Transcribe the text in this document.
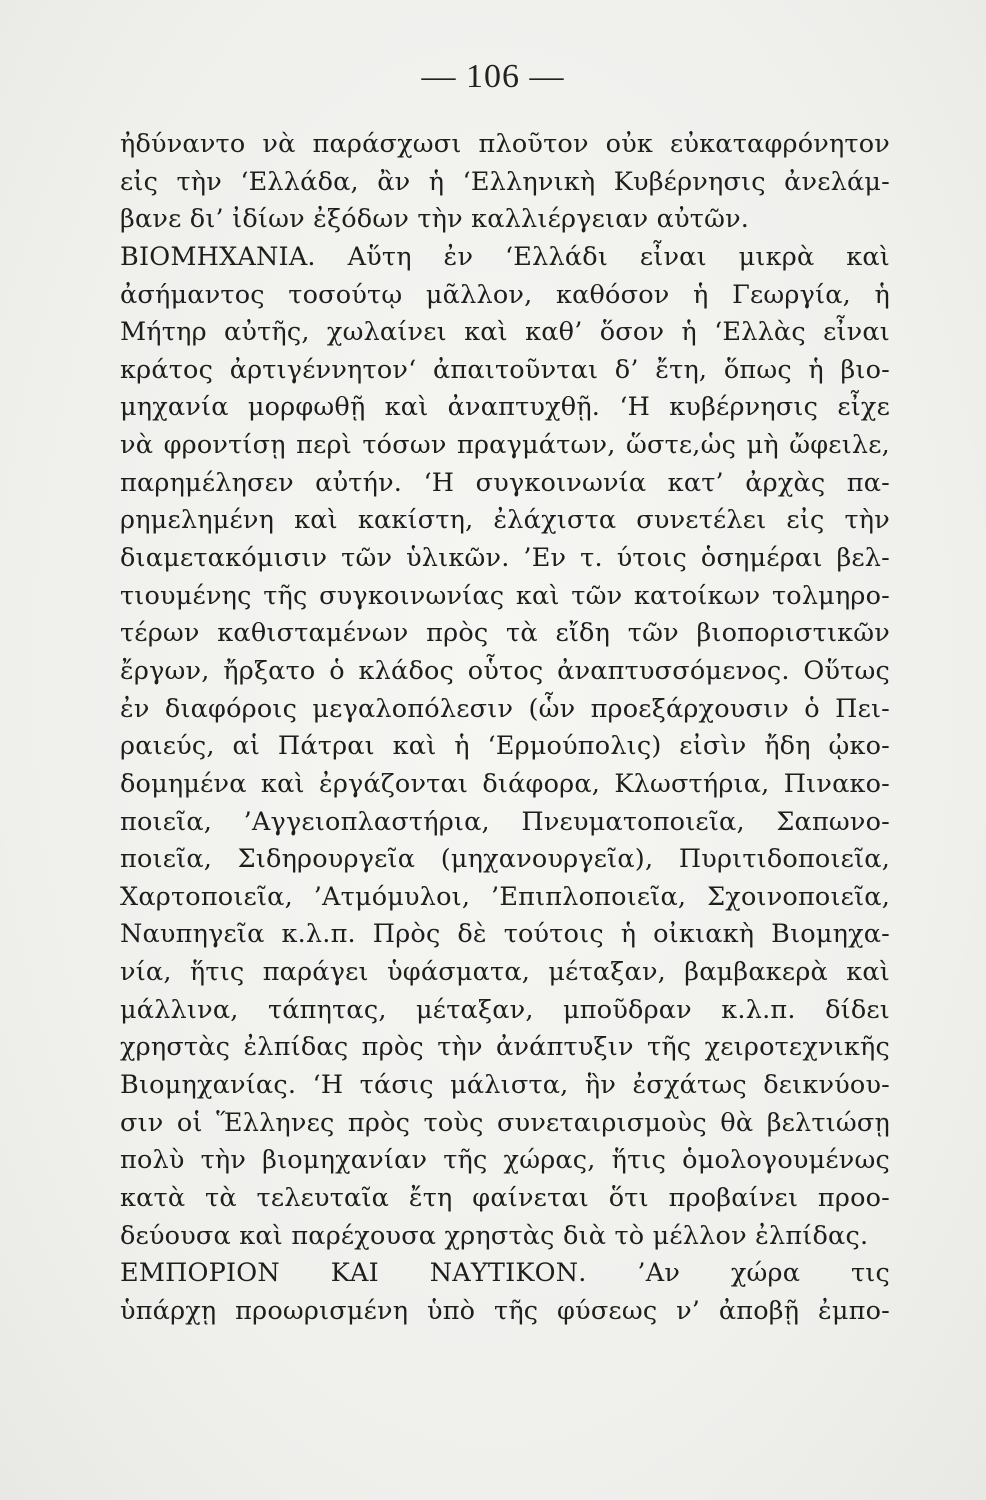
— 106 —
ἠδύναντο νὰ παράσχωσι πλοῦτον οὐκ εὐκαταφρόνητον
εἰς τὴν ‘Ελλάδα, ἂν ἡ ‘Ελληνικὴ Κυβέρνησις ἀνελάμ-
βανε δι’ ἰδίων ἐξόδων τὴν καλλιέργειαν αὐτῶν.
ΒΙΟΜΗΧΑΝΙΑ. Αὕτη ἐν ‘Ελλάδι εἶναι μικρὰ καὶ
ἀσήμαντος τοσούτῳ μᾶλλον, καθόσον ἡ Γεωργία, ἡ
Μήτηρ αὐτῆς, χωλαίνει καὶ καθ’ ὅσον ἡ ‘Ελλὰς εἶναι
κράτος ἀρτιγέννητον‘ ἀπαιτοῦνται δ’ ἔτη, ὅπως ἡ βιο-
μηχανία μορφωθῇ καὶ ἀναπτυχθῇ. ‘Η κυβέρνησις εἶχε
νὰ φροντίσῃ περὶ τόσων πραγμάτων, ὥστε,ὡς μὴ ὤφειλε,
παρημέλησεν αὐτήν. ‘Η συγκοινωνία κατ’ ἀρχὰς πα-
ρημελημένη καὶ κακίστη, ἐλάχιστα συνετέλει εἰς τὴν
διαμετακόμισιν τῶν ὑλικῶν. ’Εν τ. ύτοις ὁσημέραι βελ-
τιουμένης τῆς συγκοινωνίας καὶ τῶν κατοίκων τολμηρο-
τέρων καθισταμένων πρὸς τὰ εἴδη τῶν βιοποριστικῶν
ἔργων, ἤρξατο ὁ κλάδος οὗτος ἀναπτυσσόμενος. Οὕτως
ἐν διαφόροις μεγαλοπόλεσιν (ὧν προεξάρχουσιν ὁ Πει-
ραιεύς, αἱ Πάτραι καὶ ἡ ‘Ερμούπολις) εἰσὶν ἤδη ᾠκο-
δομημένα καὶ ἐργάζονται διάφορα, Κλωστήρια, Πινακο-
ποιεῖα, ’Αγγειοπλαστήρια, Πνευματοποιεῖα, Σαπωνο-
ποιεῖα, Σιδηρουργεῖα (μηχανουργεῖα), Πυριτιδοποιεῖα,
Χαρτοποιεῖα, ’Ατμόμυλοι, ’Επιπλοποιεῖα, Σχοινοποιεῖα,
Ναυπηγεῖα κ.λ.π. Πρὸς δὲ τούτοις ἡ οἰκιακὴ Βιομηχα-
νία, ἥτις παράγει ὑφάσματα, μέταξαν, βαμβακερὰ καὶ
μάλλινα, τάπητας, μέταξαν, μποῦδραν κ.λ.π. δίδει
χρηστὰς ἐλπίδας πρὸς τὴν ἀνάπτυξιν τῆς χειροτεχνικῆς
Βιομηχανίας. ‘Η τάσις μάλιστα, ἣν ἐσχάτως δεικνύου-
σιν οἱ Ἕλληνες πρὸς τοὺς συνεταιρισμοὺς θὰ βελτιώσῃ
πολὺ τὴν βιομηχανίαν τῆς χώρας, ἥτις ὁμολογουμένως
κατὰ τὰ τελευταῖα ἔτη φαίνεται ὅτι προβαίνει προο-
δεύουσα καὶ παρέχουσα χρηστὰς διὰ τὸ μέλλον ἐλπίδας.
ΕΜΠΟΡΙΟΝ ΚΑΙ ΝΑΥΤΙΚΟΝ. ’Αν χώρα τις
ὑπάρχῃ προωρισμένη ὑπὸ τῆς φύσεως ν’ ἀποβῇ ἐμπο-
